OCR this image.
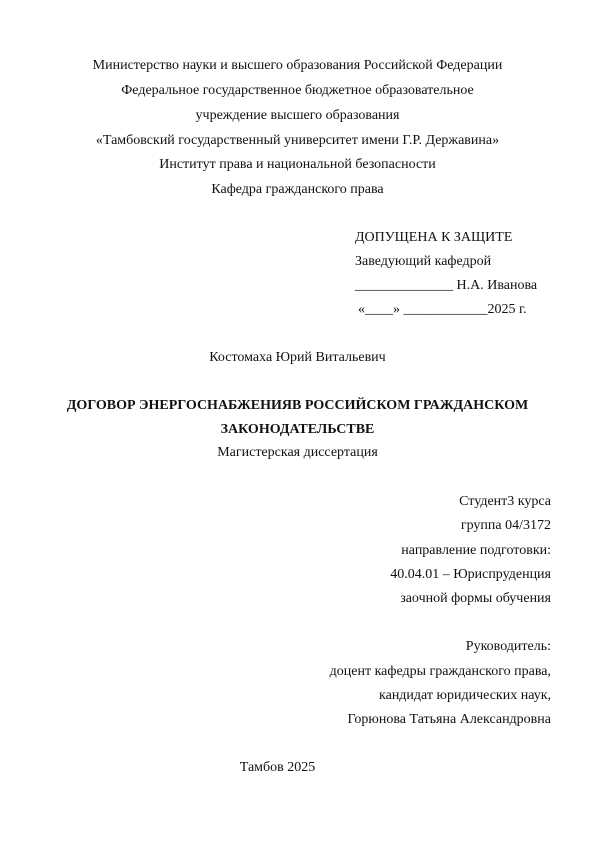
Министерство науки и высшего образования Российской Федерации
Федеральное государственное бюджетное образовательное
учреждение высшего образования
«Тамбовский государственный университет имени Г.Р. Державина»
Институт права и национальной безопасности
Кафедра гражданского права
ДОПУЩЕНА К ЗАЩИТЕ
Заведующий кафедрой
______________ Н.А. Иванова
«____» ____________2025 г.
Костомаха Юрий Витальевич
ДОГОВОР ЭНЕРГОСНАБЖЕНИЯВ РОССИЙСКОМ ГРАЖДАНСКОМ
ЗАКОНОДАТЕЛЬСТВЕ
Магистерская диссертация
Студент3 курса
группа 04/3172
направление подготовки:
40.04.01 – Юриспруденция
заочной формы обучения
Руководитель:
доцент кафедры гражданского права,
кандидат юридических наук,
Горюнова Татьяна Александровна
Тамбов 2025
